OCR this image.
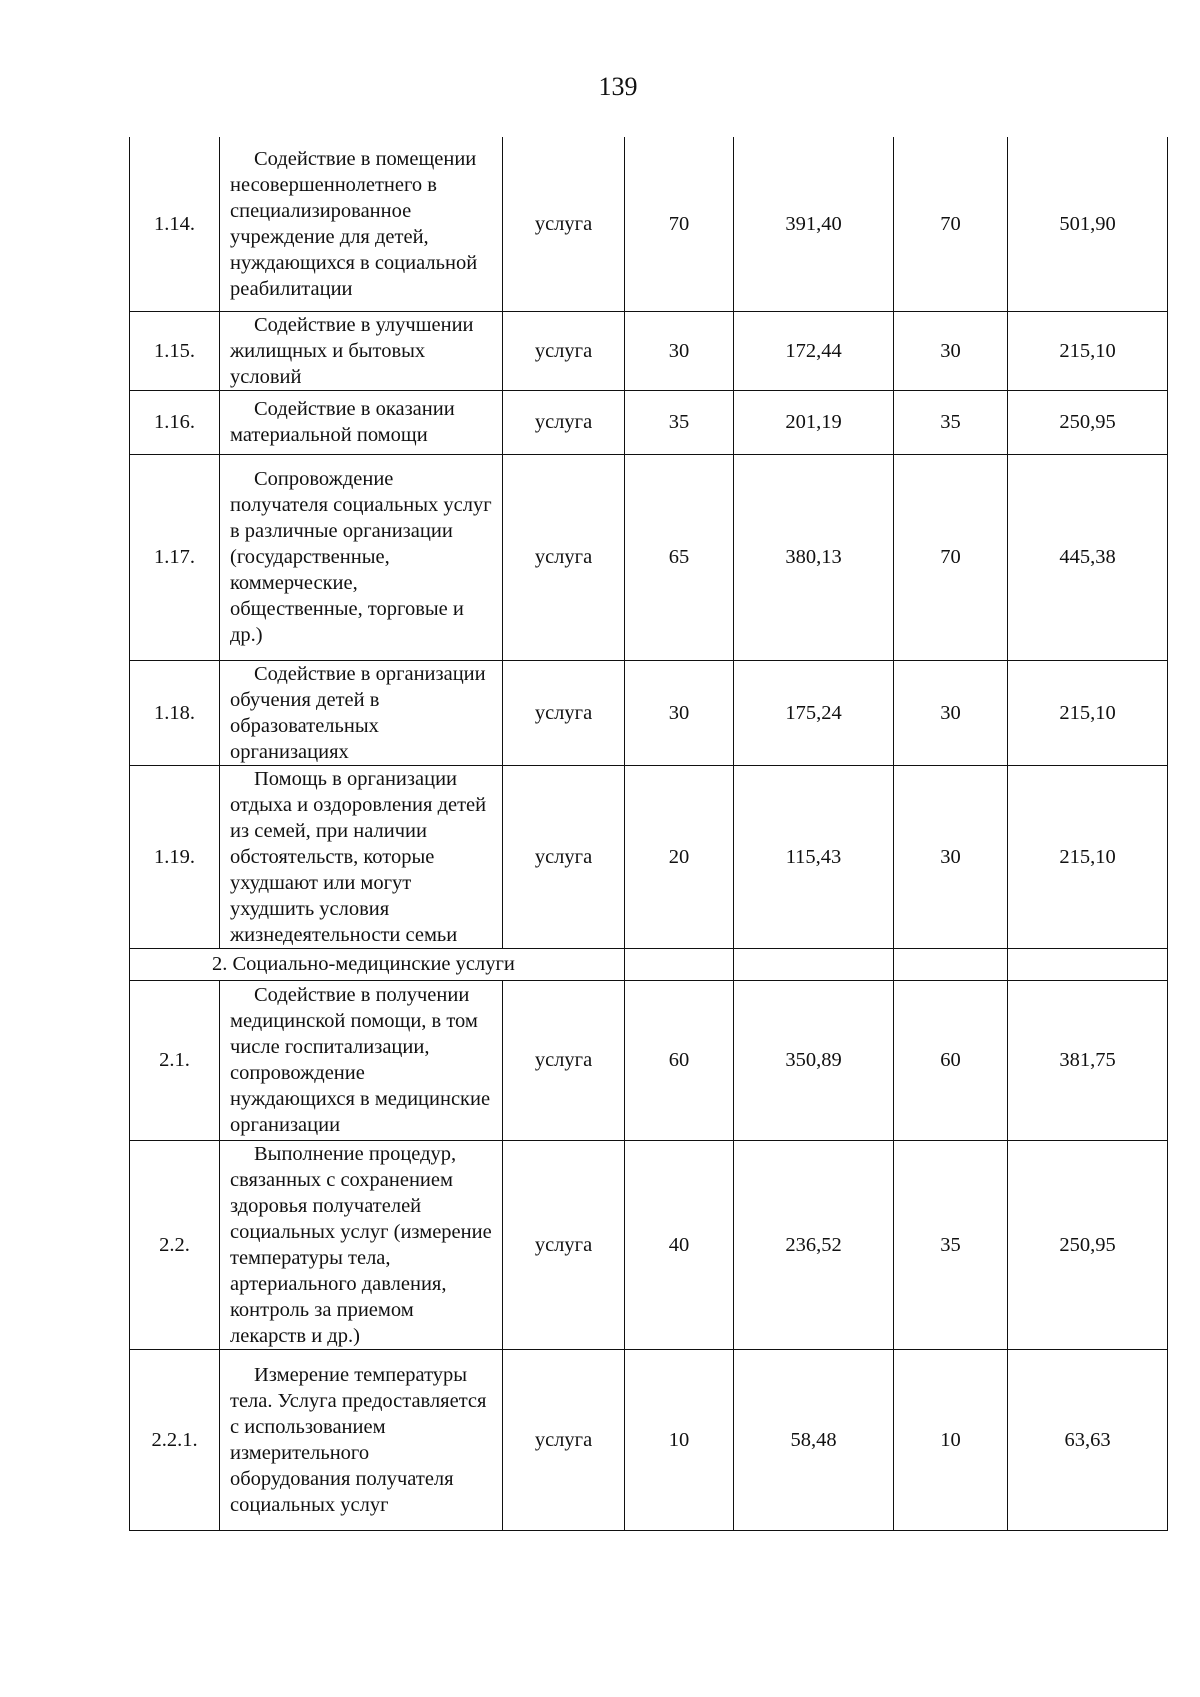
139
1.14.	Содействие в помещении несовершеннолетнего в специализированное учреждение для детей, нуждающихся в социальной реабилитации	услуга	70	391,40	70	501,90
1.15.	Содействие в улучшении жилищных и бытовых условий	услуга	30	172,44	30	215,10
1.16.	Содействие в оказании материальной помощи	услуга	35	201,19	35	250,95
1.17.	Сопровождение получателя социальных услуг в различные организации (государственные, коммерческие, общественные, торговые и др.)	услуга	65	380,13	70	445,38
1.18.	Содействие в организации обучения детей в образовательных организациях	услуга	30	175,24	30	215,10
1.19.	Помощь в организации отдыха и оздоровления детей из семей, при наличии обстоятельств, которые ухудшают или могут ухудшить условия жизнедеятельности семьи	услуга	20	115,43	30	215,10
2. Социально-медицинские услуги						
2.1.	Содействие в получении медицинской помощи, в том числе госпитализации, сопровождение нуждающихся в медицинские организации	услуга	60	350,89	60	381,75
2.2.	Выполнение процедур, связанных с сохранением здоровья получателей социальных услуг (измерение температуры тела, артериального давления, контроль за приемом лекарств и др.)	услуга	40	236,52	35	250,95
2.2.1.	Измерение температуры тела. Услуга предоставляется с использованием измерительного оборудования получателя социальных услуг	услуга	10	58,48	10	63,63
